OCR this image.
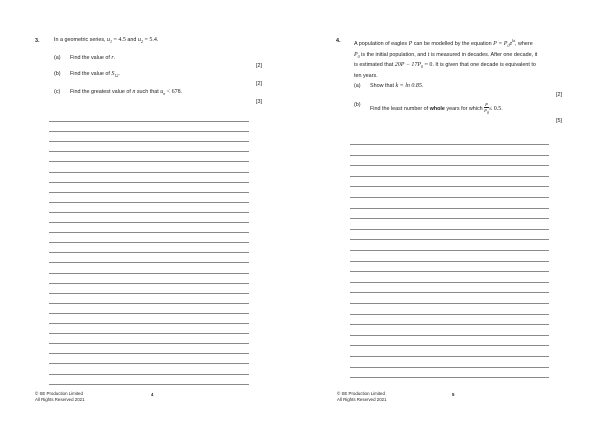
3.	In a geometric series, $u_1 = 4.5$ and $u_2 = 5.4$.
(a) Find the value of r.
[2]
(b) Find the value of $S_{12}$.
[2]
(c) Find the greatest value of n such that $u_n < 678$.
[3]
© SE Production Limited
All Rights Reserved 2021
4
4.	A population of eagles P can be modelled by the equation $P = P_0e^{kt}$, where
$P_0$ is the initial population, and t is measured in decades. After one decade, it
is estimated that $20P - 17P_0 = 0$. It is given that one decade is equivalent to
ten years.
(a) Show that k = ln 0.85.
[2]
(b)
Find the least number of whole years for which $\frac{P}{P_0} \le 0.5$.
[5]
© SE Production Limited
All Rights Reserved 2021
5
